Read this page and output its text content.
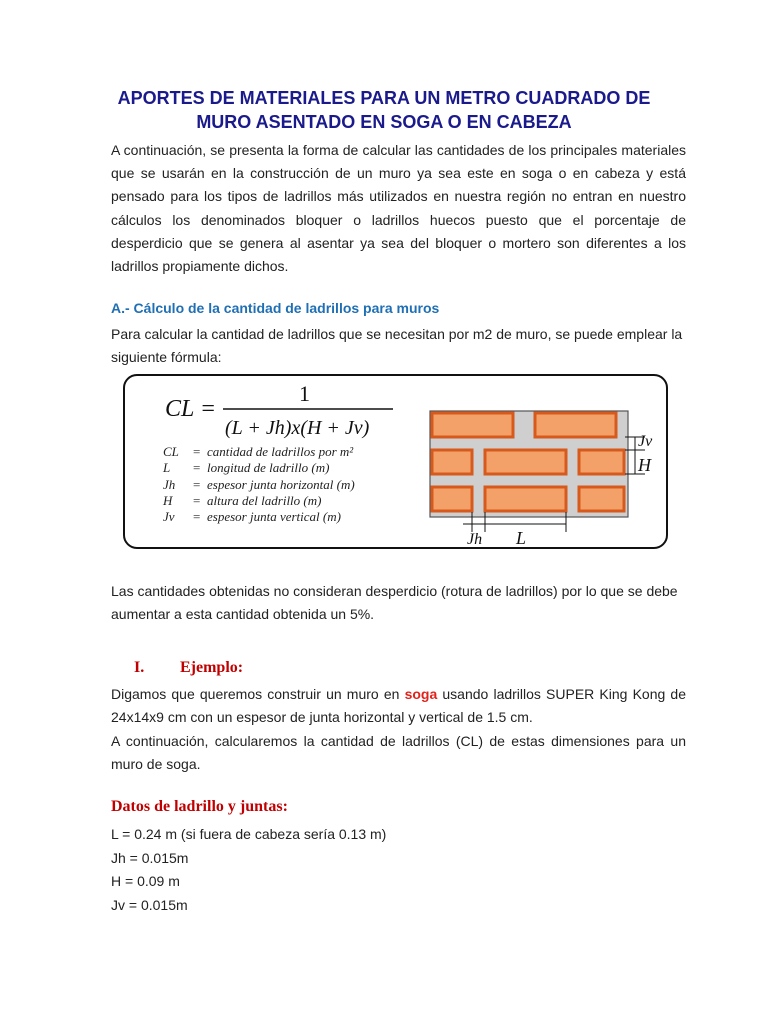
APORTES DE MATERIALES PARA UN METRO CUADRADO DE
MURO ASENTADO EN SOGA O EN CABEZA

A continuación, se presenta la forma de calcular las cantidades de los principales materiales que se usarán en la construcción de un muro ya sea este en soga o en cabeza y está pensado para los tipos de ladrillos más utilizados en nuestra región no entran en nuestro cálculos los denominados bloquer o ladrillos huecos puesto que el porcentaje de desperdicio que se genera al asentar ya sea del bloquer o mortero son diferentes a los ladrillos propiamente dichos.

A.- Cálculo de la cantidad de ladrillos para muros

Para calcular la cantidad de ladrillos que se necesitan por m2 de muro, se puede emplear la siguiente fórmula:

CL =
1
(L + Jh)x(H + Jv)
CL	= cantidad de ladrillos por m²
L	= longitud de ladrillo (m)
Jh	= espesor junta horizontal (m)
H	= altura del ladrillo (m)
Jv	= espesor junta vertical (m)
Jv
H
Jh L

Las cantidades obtenidas no consideran desperdicio (rotura de ladrillos) por lo que se debe aumentar a esta cantidad obtenida un 5%.

I. Ejemplo:

Digamos que queremos construir un muro en soga usando ladrillos SUPER King Kong de 24x14x9 cm con un espesor de junta horizontal y vertical de 1.5 cm.

A continuación, calcularemos la cantidad de ladrillos (CL) de estas dimensiones para un muro de soga.

Datos de ladrillo y juntas:

L = 0.24 m (si fuera de cabeza sería 0.13 m)

Jh = 0.015m

H = 0.09 m

Jv = 0.015m
